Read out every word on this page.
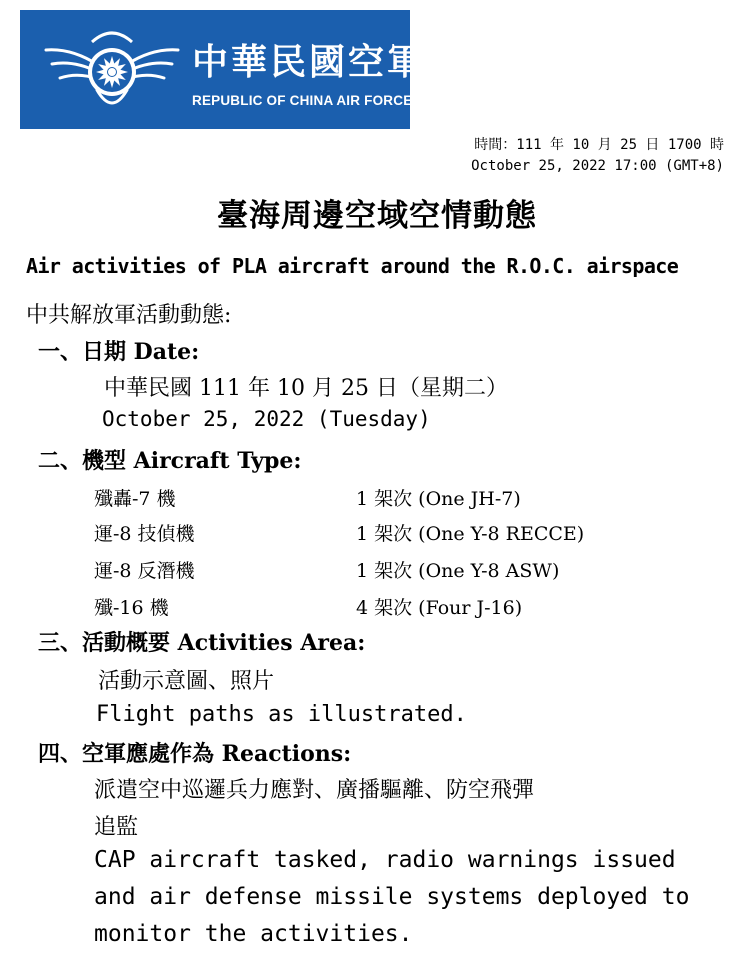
中華民國空軍
REPUBLIC OF CHINA AIR FORCE
時間：111 年 10 月 25 日 1700 時
October 25, 2022 17:00 (GMT+8)
臺海周邊空域空情動態
Air activities of PLA aircraft around the R.O.C. airspace
中共解放軍活動動態:
一、日期 Date:
中華民國 111 年 10 月 25 日（星期二）
October 25, 2022 (Tuesday)
二、機型 Aircraft Type:
殲轟-7 機	1 架次 (One JH-7)
運-8 技偵機	1 架次 (One Y-8 RECCE)
運-8 反潛機	1 架次 (One Y-8 ASW)
殲-16 機	4 架次 (Four J-16)
三、活動概要 Activities Area:
活動示意圖、照片
Flight paths as illustrated.
四、空軍應處作為 Reactions:
派遣空中巡邏兵力應對、廣播驅離、防空飛彈
追監
CAP aircraft tasked, radio warnings issued
and air defense missile systems deployed to
monitor the activities.
